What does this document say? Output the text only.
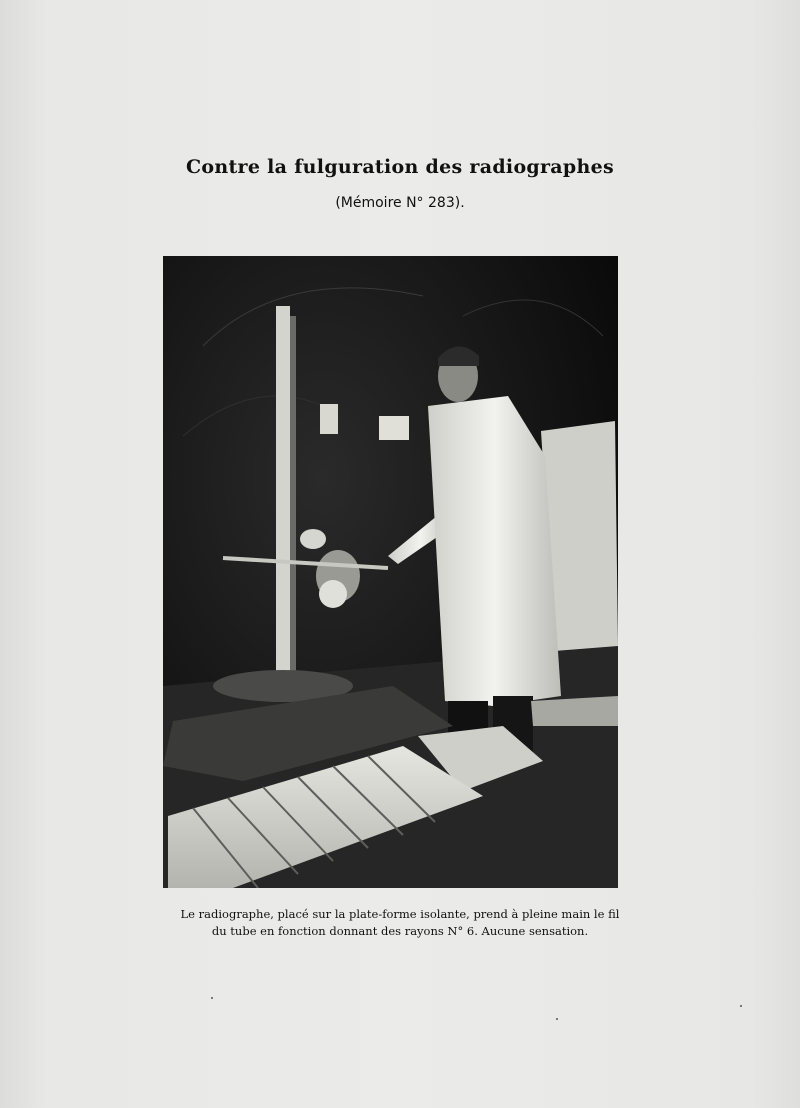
Contre la fulguration des radiographes
(Mémoire N° 283).
Le radiographe, placé sur la plate-forme isolante, prend à pleine main le fil
du tube en fonction donnant des rayons N° 6. Aucune sensation.
